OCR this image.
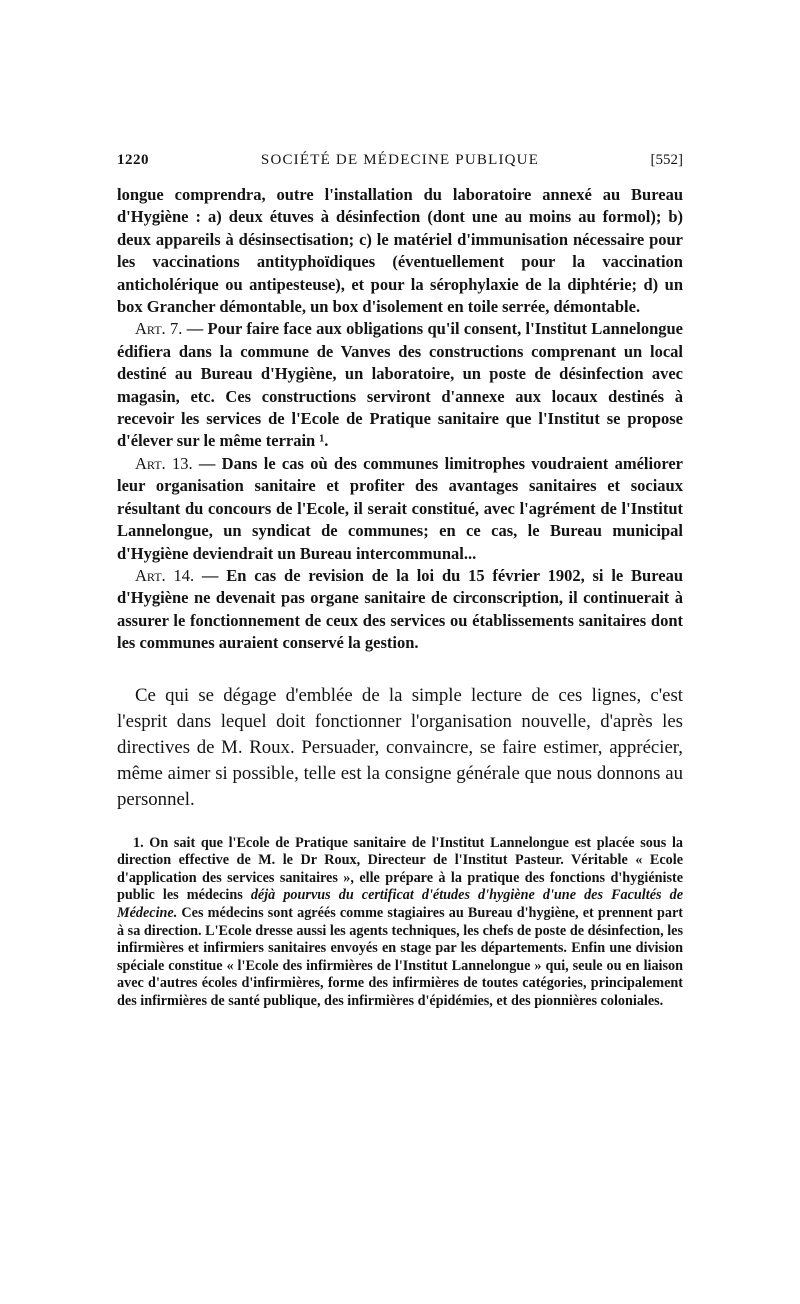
1220	SOCIÉTÉ DE MÉDECINE PUBLIQUE	[552]

longue comprendra, outre l'installation du laboratoire annexé au Bureau d'Hygiène : a) deux étuves à désinfection (dont une au moins au formol); b) deux appareils à désinsectisation; c) le matériel d'immunisation nécessaire pour les vaccinations antityphoïdiques (éventuellement pour la vaccination anticholérique ou antipesteuse), et pour la sérophylaxie de la diphtérie; d) un box Grancher démontable, un box d'isolement en toile serrée, démontable.

Art. 7. — Pour faire face aux obligations qu'il consent, l'Institut Lannelongue édifiera dans la commune de Vanves des constructions comprenant un local destiné au Bureau d'Hygiène, un laboratoire, un poste de désinfection avec magasin, etc. Ces constructions serviront d'annexe aux locaux destinés à recevoir les services de l'Ecole de Pratique sanitaire que l'Institut se propose d'élever sur le même terrain ¹.

Art. 13. — Dans le cas où des communes limitrophes voudraient améliorer leur organisation sanitaire et profiter des avantages sanitaires et sociaux résultant du concours de l'Ecole, il serait constitué, avec l'agrément de l'Institut Lannelongue, un syndicat de communes; en ce cas, le Bureau municipal d'Hygiène deviendrait un Bureau intercommunal...

Art. 14. — En cas de revision de la loi du 15 février 1902, si le Bureau d'Hygiène ne devenait pas organe sanitaire de circonscription, il continuerait à assurer le fonctionnement de ceux des services ou établissements sanitaires dont les communes auraient conservé la gestion.

Ce qui se dégage d'emblée de la simple lecture de ces lignes, c'est l'esprit dans lequel doit fonctionner l'organisation nouvelle, d'après les directives de M. Roux. Persuader, convaincre, se faire estimer, apprécier, même aimer si possible, telle est la consigne générale que nous donnons au personnel.

1. On sait que l'Ecole de Pratique sanitaire de l'Institut Lannelongue est placée sous la direction effective de M. le Dr Roux, Directeur de l'Institut Pasteur. Véritable « Ecole d'application des services sanitaires », elle prépare à la pratique des fonctions d'hygiéniste public les médecins déjà pourvus du certificat d'études d'hygiène d'une des Facultés de Médecine. Ces médecins sont agréés comme stagiaires au Bureau d'hygiène, et prennent part à sa direction. L'Ecole dresse aussi les agents techniques, les chefs de poste de désinfection, les infirmières et infirmiers sanitaires envoyés en stage par les départements. Enfin une division spéciale constitue « l'Ecole des infirmières de l'Institut Lannelongue » qui, seule ou en liaison avec d'autres écoles d'infirmières, forme des infirmières de toutes catégories, principalement des infirmières de santé publique, des infirmières d'épidémies, et des pionnières coloniales.
